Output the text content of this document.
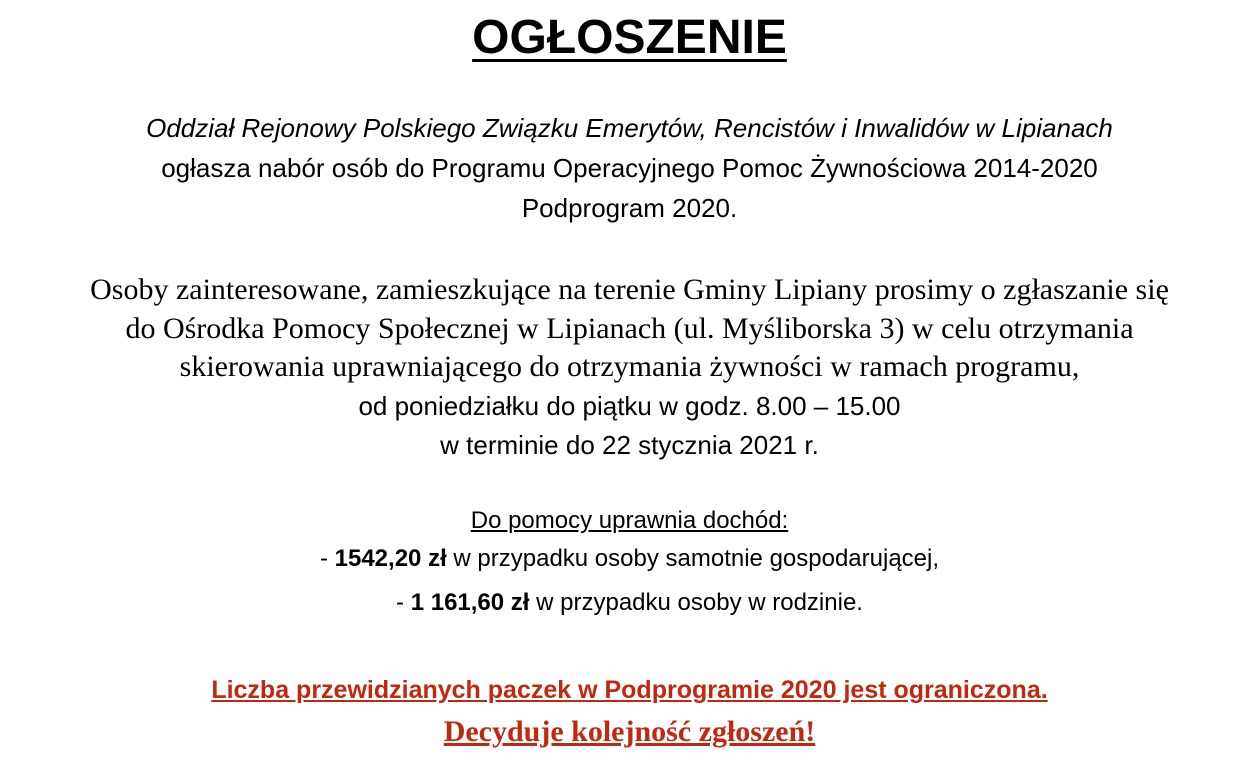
OGŁOSZENIE
Oddział Rejonowy Polskiego Związku Emerytów, Rencistów i Inwalidów w Lipianach
ogłasza nabór osób do Programu Operacyjnego Pomoc Żywnościowa 2014-2020
Podprogram 2020.
Osoby zainteresowane, zamieszkujące na terenie Gminy Lipiany prosimy o zgłaszanie się
do Ośrodka Pomocy Społecznej w Lipianach (ul. Myśliborska 3) w celu otrzymania
skierowania uprawniającego do otrzymania żywności w ramach programu,
od poniedziałku do piątku w godz. 8.00 – 15.00
w terminie do 22 stycznia 2021 r.
Do pomocy uprawnia dochód:
- 1542,20 zł w przypadku osoby samotnie gospodarującej,
- 1 161,60 zł w przypadku osoby w rodzinie.
Liczba przewidzianych paczek w Podprogramie 2020 jest ograniczona.
Decyduje kolejność zgłoszeń!
